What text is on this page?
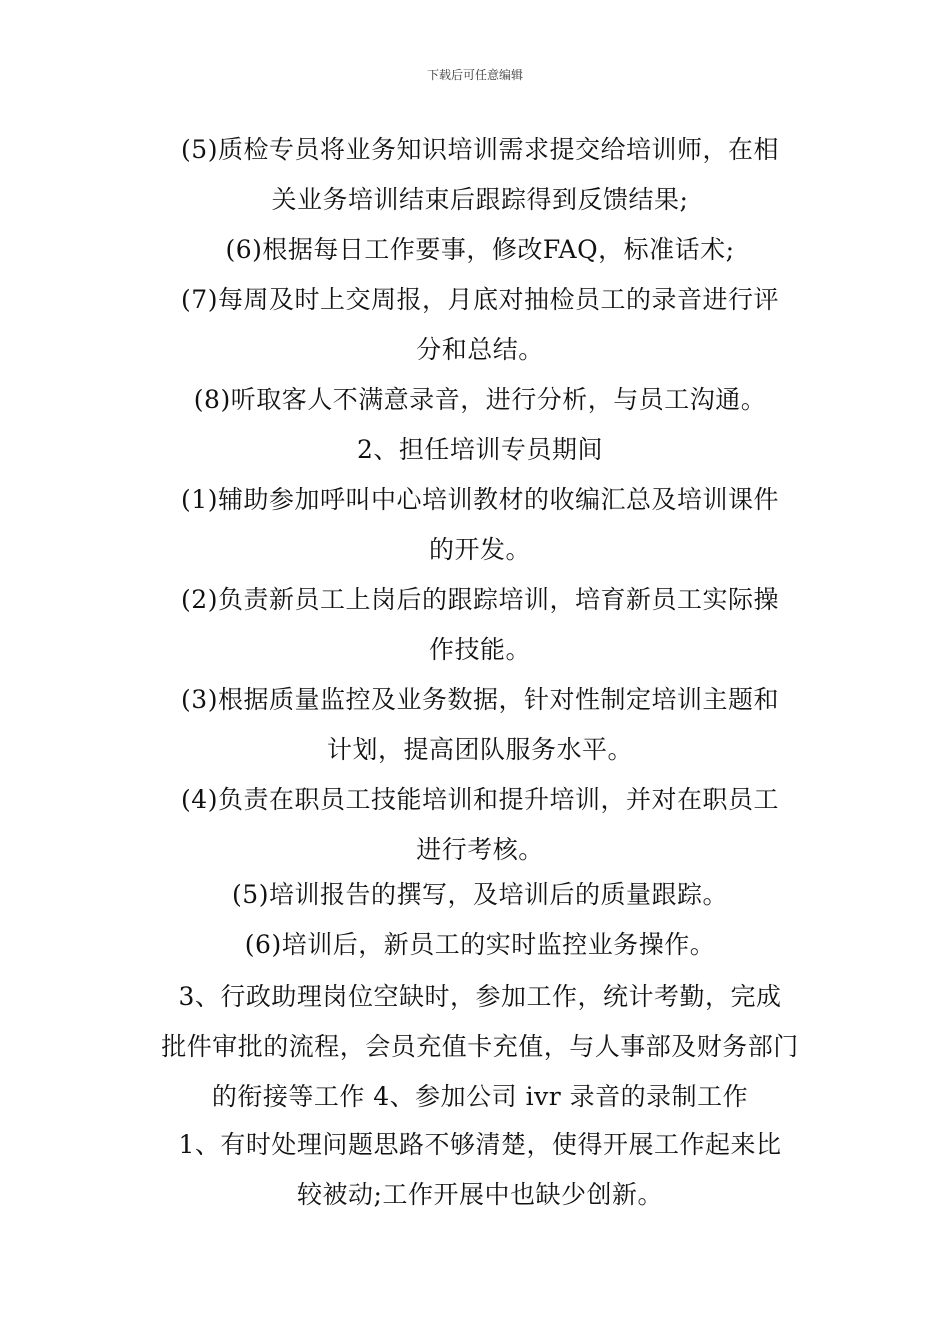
下载后可任意编辑
(5)质检专员将业务知识培训需求提交给培训师，在相
关业务培训结束后跟踪得到反馈结果;
(6)根据每日工作要事，修改FAQ，标准话术;
(7)每周及时上交周报，月底对抽检员工的录音进行评
分和总结。
(8)听取客人不满意录音，进行分析，与员工沟通。
2、担任培训专员期间
(1)辅助参加呼叫中心培训教材的收编汇总及培训课件
的开发。
(2)负责新员工上岗后的跟踪培训，培育新员工实际操
作技能。
(3)根据质量监控及业务数据，针对性制定培训主题和
计划，提高团队服务水平。
(4)负责在职员工技能培训和提升培训，并对在职员工
进行考核。
(5)培训报告的撰写，及培训后的质量跟踪。
(6)培训后，新员工的实时监控业务操作。
3、行政助理岗位空缺时，参加工作，统计考勤，完成
批件审批的流程，会员充值卡充值，与人事部及财务部门
的衔接等工作 4、参加公司 ivr 录音的录制工作
1、有时处理问题思路不够清楚，使得开展工作起来比
较被动;工作开展中也缺少创新。
